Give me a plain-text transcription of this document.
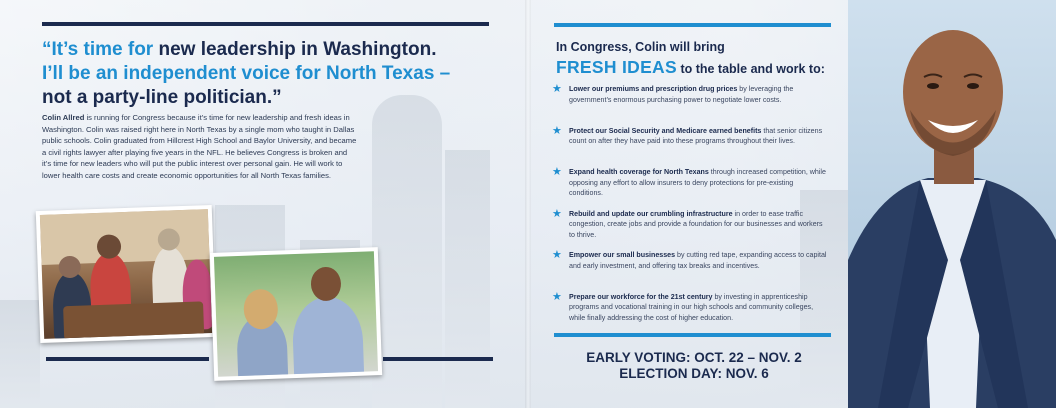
“It’s time for new leadership in Washington.
I’ll be an independent voice for North Texas –
not a party-line politician.”

Colin Allred is running for Congress because it’s time for new leadership and fresh ideas in Washington. Colin was raised right here in North Texas by a single mom who taught in Dallas public schools. Colin graduated from Hillcrest High School and Baylor University, and became a civil rights lawyer after playing five years in the NFL. He believes Congress is broken and it’s time for new leaders who will put the public interest over personal gain. He will work to lower health care costs and create economic opportunities for all North Texas families.

In Congress, Colin will bring
FRESH IDEAS to the table and work to:
★	Lower our premiums and prescription drug prices by leveraging the government’s enormous purchasing power to negotiate lower costs.
★	Protect our Social Security and Medicare earned benefits that senior citizens count on after they have paid into these programs throughout their lives.
★	Expand health coverage for North Texans through increased competition, while opposing any effort to allow insurers to deny protections for pre-existing conditions.
★	Rebuild and update our crumbling infrastructure in order to ease traffic congestion, create jobs and provide a foundation for our businesses and workers to thrive.
★	Empower our small businesses by cutting red tape, expanding access to capital and early investment, and offering tax breaks and incentives.
★	Prepare our workforce for the 21st century by investing in apprenticeship programs and vocational training in our high schools and community colleges, while finally addressing the cost of higher education.
EARLY VOTING: OCT. 22 – NOV. 2
ELECTION DAY: NOV. 6
